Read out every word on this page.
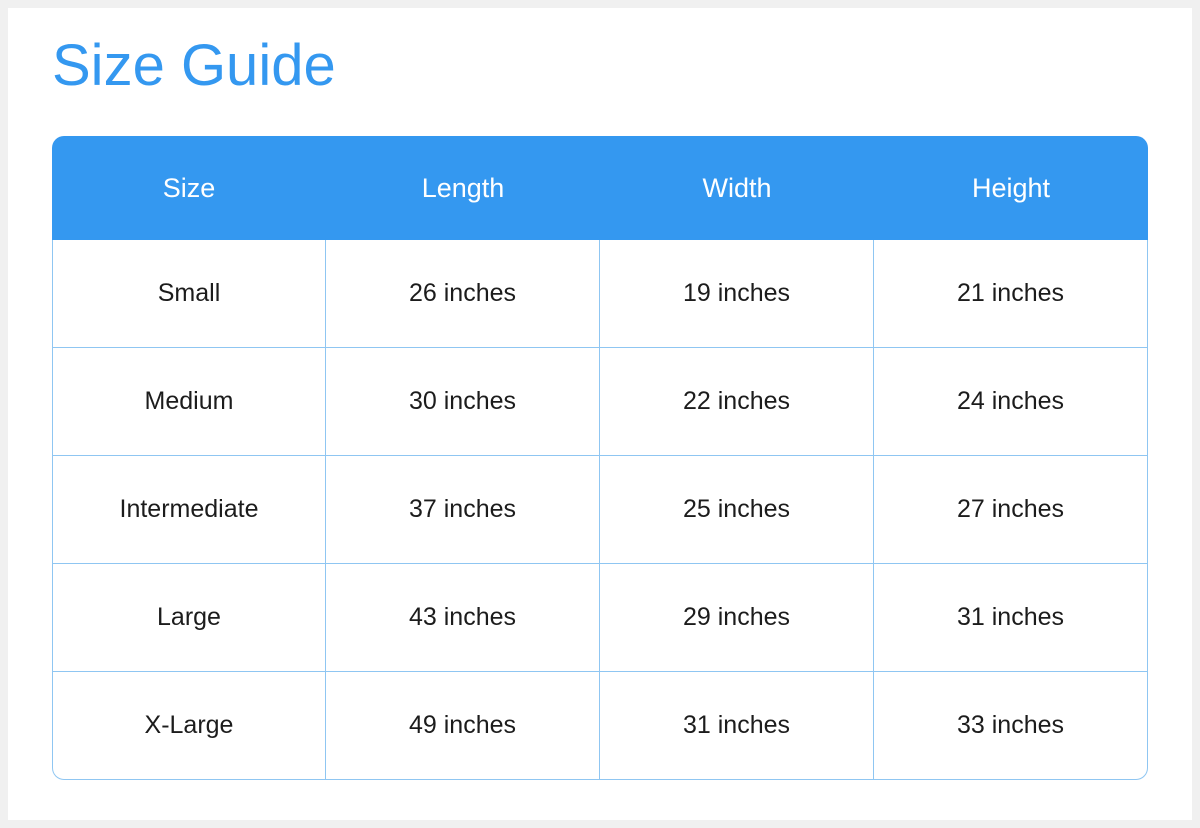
Size Guide
Size	Length	Width	Height
Small	26 inches	19 inches	21 inches
Medium	30 inches	22 inches	24 inches
Intermediate	37 inches	25 inches	27 inches
Large	43 inches	29 inches	31 inches
X-Large	49 inches	31 inches	33 inches
